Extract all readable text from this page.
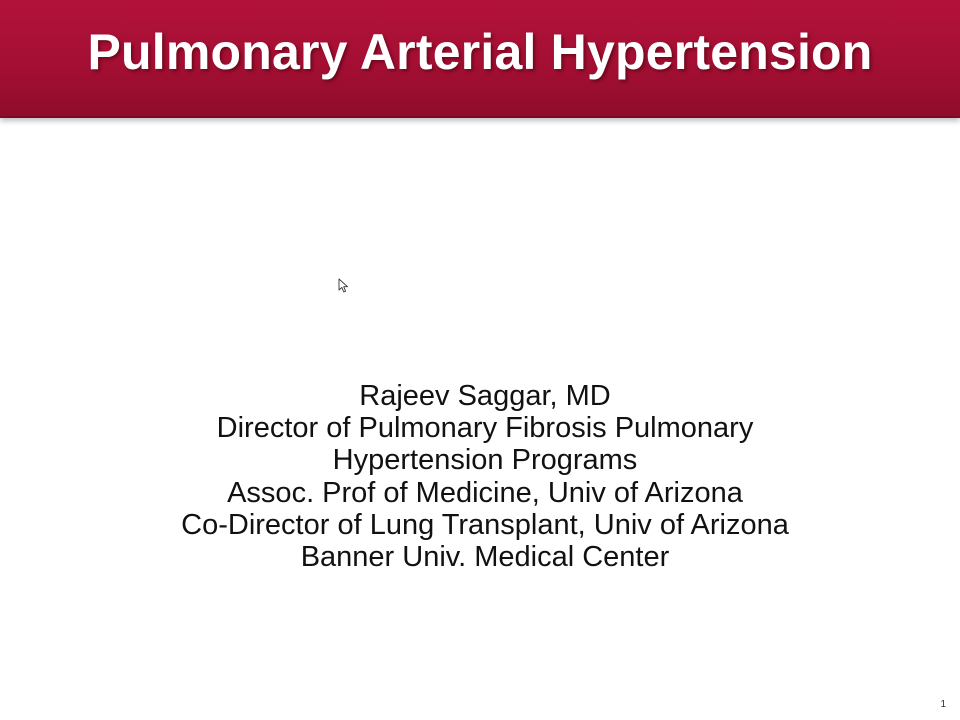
Pulmonary Arterial Hypertension
Rajeev Saggar, MD
Director of Pulmonary Fibrosis Pulmonary
Hypertension Programs
Assoc. Prof of Medicine, Univ of Arizona
Co-Director of Lung Transplant, Univ of Arizona
Banner Univ. Medical Center
1
